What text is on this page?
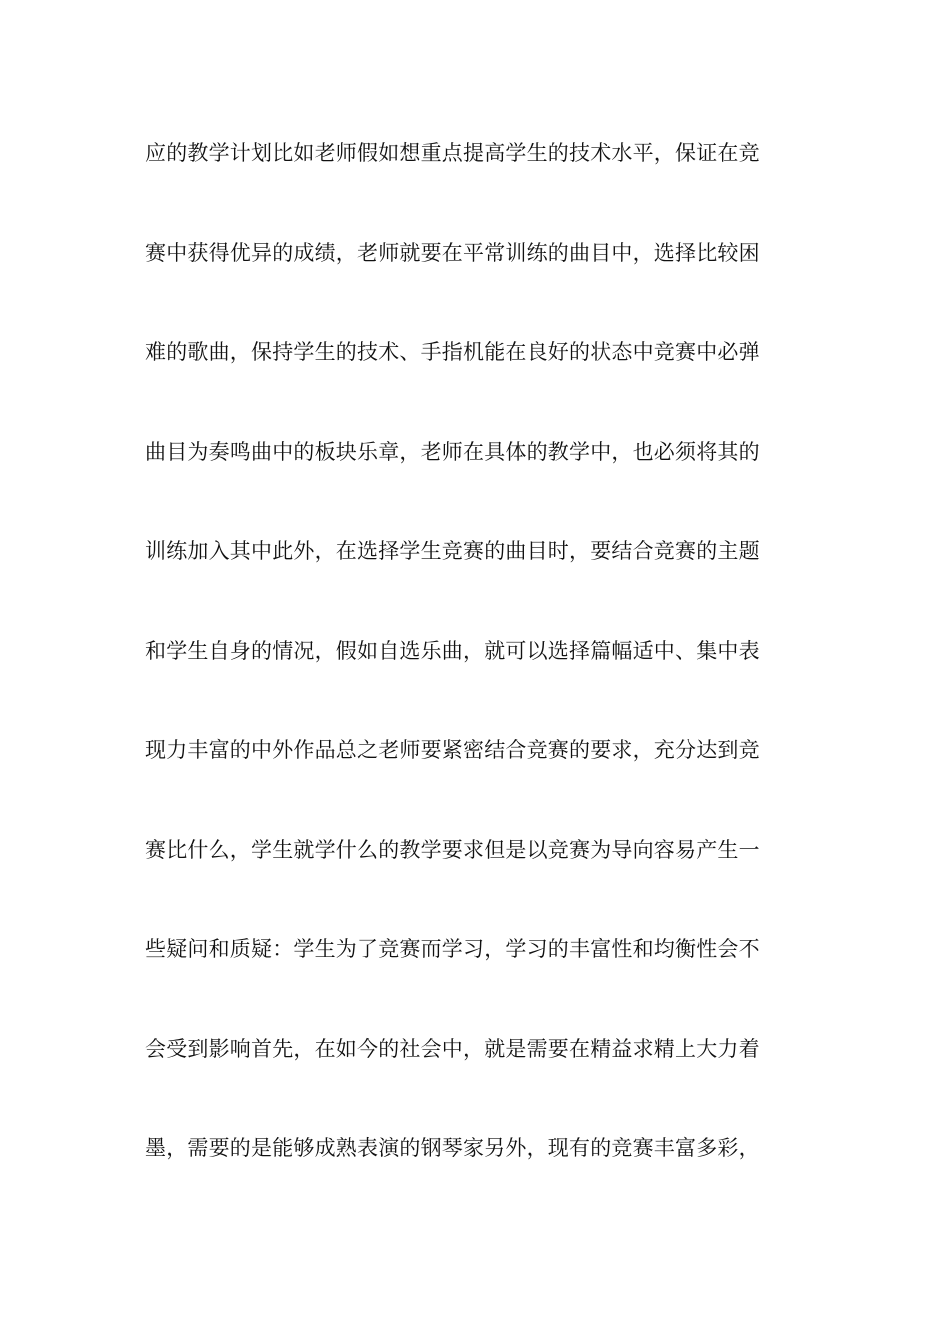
应的教学计划比如老师假如想重点提高学生的技术水平，保证在竞
赛中获得优异的成绩，老师就要在平常训练的曲目中，选择比较困
难的歌曲，保持学生的技术、手指机能在良好的状态中竞赛中必弹
曲目为奏鸣曲中的板块乐章，老师在具体的教学中，也必须将其的
训练加入其中此外，在选择学生竞赛的曲目时，要结合竞赛的主题
和学生自身的情况，假如自选乐曲，就可以选择篇幅适中、集中表
现力丰富的中外作品总之老师要紧密结合竞赛的要求，充分达到竞
赛比什么，学生就学什么的教学要求但是以竞赛为导向容易产生一
些疑问和质疑：学生为了竞赛而学习，学习的丰富性和均衡性会不
会受到影响首先，在如今的社会中，就是需要在精益求精上大力着
墨，需要的是能够成熟表演的钢琴家另外，现有的竞赛丰富多彩，
